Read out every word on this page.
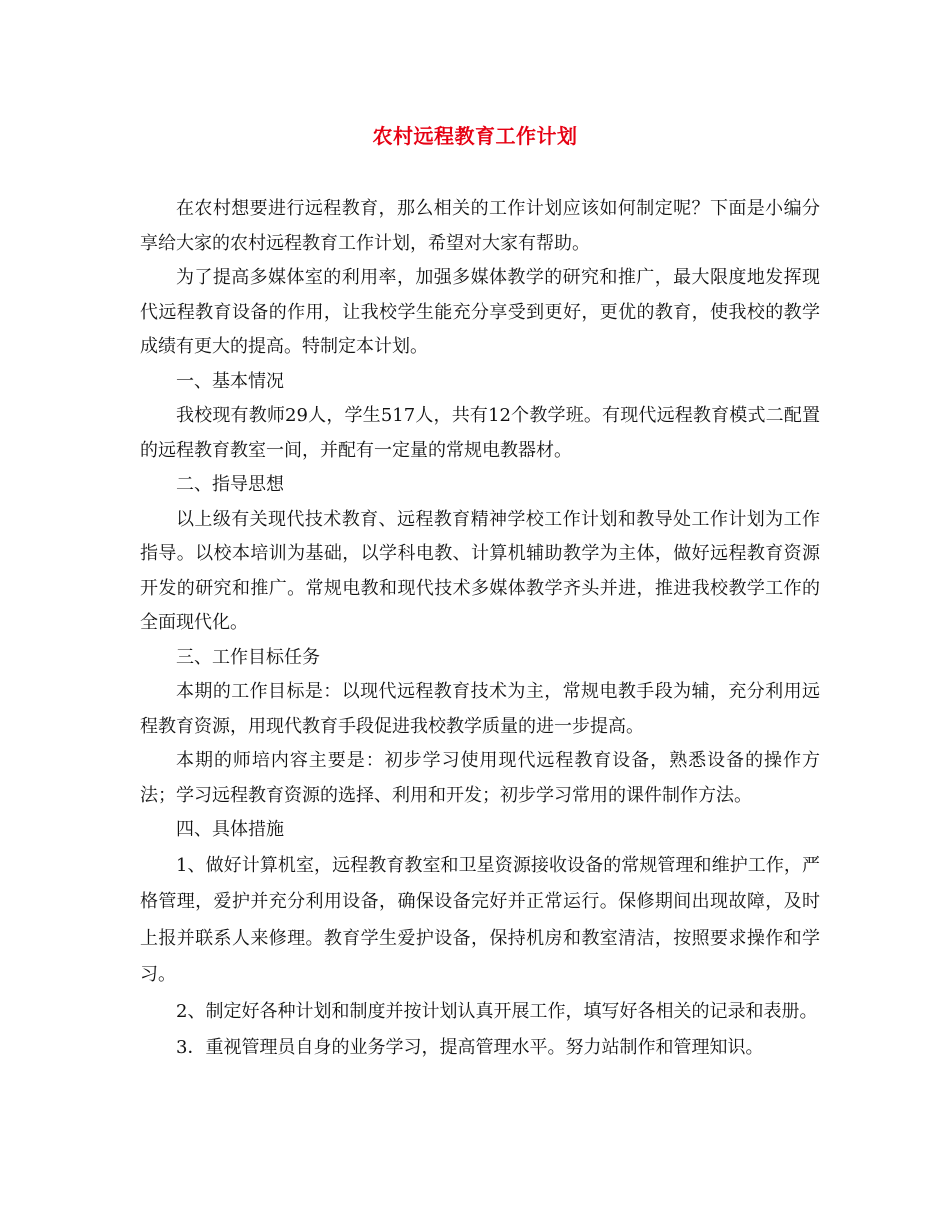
农村远程教育工作计划

在农村想要进行远程教育，那么相关的工作计划应该如何制定呢？下面是小编分享给大家的农村远程教育工作计划，希望对大家有帮助。

为了提高多媒体室的利用率，加强多媒体教学的研究和推广，最大限度地发挥现代远程教育设备的作用，让我校学生能充分享受到更好，更优的教育，使我校的教学成绩有更大的提高。特制定本计划。

一、基本情况

我校现有教师29人，学生517人，共有12个教学班。有现代远程教育模式二配置的远程教育教室一间，并配有一定量的常规电教器材。

二、指导思想

以上级有关现代技术教育、远程教育精神学校工作计划和教导处工作计划为工作指导。以校本培训为基础，以学科电教、计算机辅助教学为主体，做好远程教育资源开发的研究和推广。常规电教和现代技术多媒体教学齐头并进，推进我校教学工作的全面现代化。

三、工作目标任务

本期的工作目标是：以现代远程教育技术为主，常规电教手段为辅，充分利用远程教育资源，用现代教育手段促进我校教学质量的进一步提高。

本期的师培内容主要是：初步学习使用现代远程教育设备，熟悉设备的操作方法；学习远程教育资源的选择、利用和开发；初步学习常用的课件制作方法。

四、具体措施

1、做好计算机室，远程教育教室和卫星资源接收设备的常规管理和维护工作，严格管理，爱护并充分利用设备，确保设备完好并正常运行。保修期间出现故障，及时上报并联系人来修理。教育学生爱护设备，保持机房和教室清洁，按照要求操作和学习。

2、制定好各种计划和制度并按计划认真开展工作，填写好各相关的记录和表册。

3．重视管理员自身的业务学习，提高管理水平。努力站制作和管理知识。
